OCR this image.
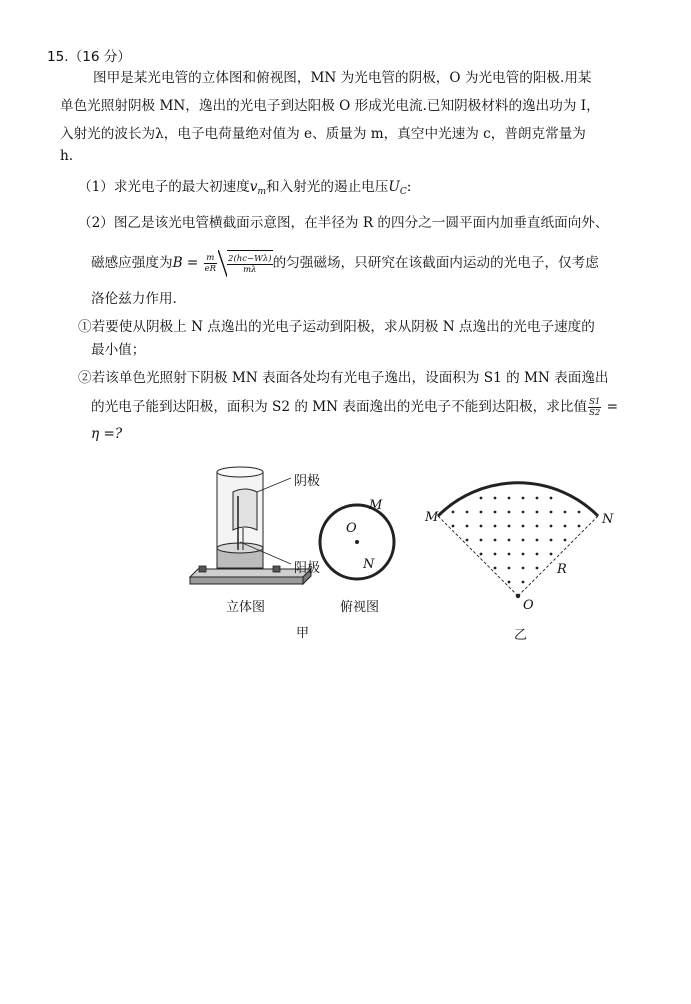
15.（16 分）
图甲是某光电管的立体图和俯视图，MN 为光电管的阴极，O 为光电管的阳极.用某
单色光照射阴极 MN，逸出的光电子到达阳极 O 形成光电流.已知阴极材料的逸出功为 I，
入射光的波长为λ，电子电荷量绝对值为 e、质量为 m，真空中光速为 c，普朗克常量为
h.
（1）求光电子的最大初速度$v_m$和入射光的遏止电压$U_C$:
（2）图乙是该光电管横截面示意图，在半径为 R 的四分之一圆平面内加垂直纸面向外、
磁感应强度为$B = \frac{m}{eR} \frac{2(hc-W\lambda)}{m\lambda}$ 的匀强磁场，只研究在该截面内运动的光电子，仅考虑
洛伦兹力作用.
①若要使从阴极上 N 点逸出的光电子运动到阳极，求从阴极 N 点逸出的光电子速度的
最小值；
②若该单色光照射下阴极 MN 表面各处均有光电子逸出，设面积为 S1 的 MN 表面逸出
的光电子能到达阳极，面积为 S2 的 MN 表面逸出的光电子不能到达阳极，求比值 $\frac{S1}{S2}$ =
η =?
阴极
阳极
立体图	俯视图
M
N
O
甲
M	N
R
O
乙
